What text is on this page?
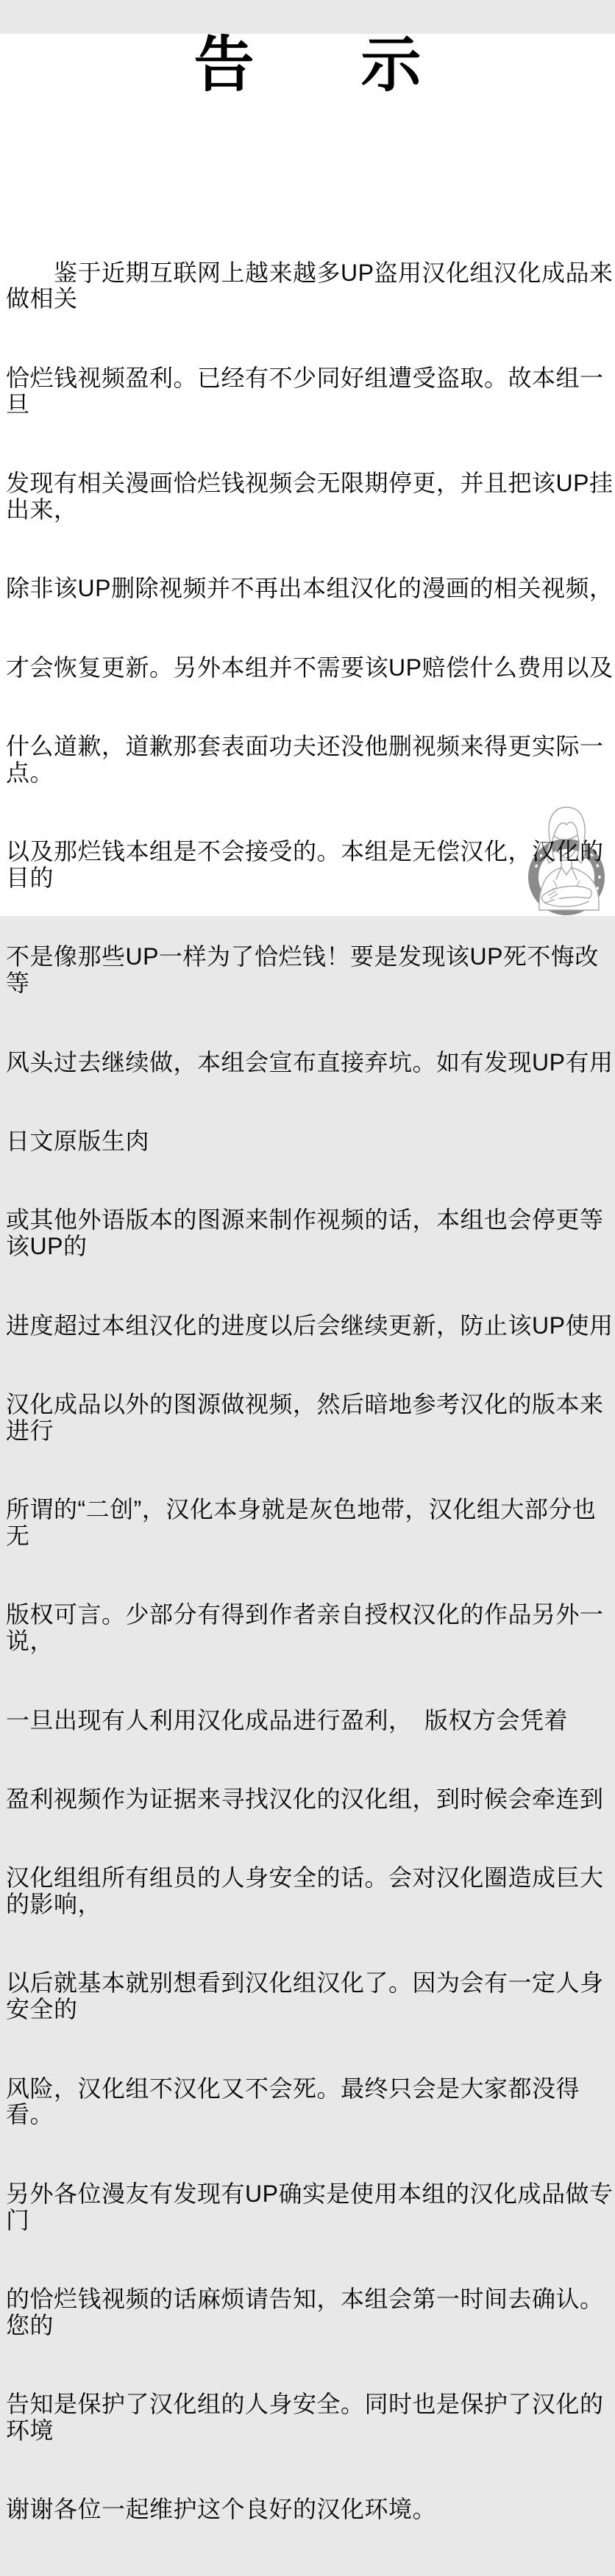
告 示

　　鉴于近期互联网上越来越多UP盗用汉化组汉化成品来做相关

恰烂钱视频盈利。已经有不少同好组遭受盗取。故本组一旦

发现有相关漫画恰烂钱视频会无限期停更，并且把该UP挂出来，

除非该UP删除视频并不再出本组汉化的漫画的相关视频，

才会恢复更新。另外本组并不需要该UP赔偿什么费用以及

什么道歉，道歉那套表面功夫还没他删视频来得更实际一点。

以及那烂钱本组是不会接受的。本组是无偿汉化，汉化的目的

不是像那些UP一样为了恰烂钱！要是发现该UP死不悔改等

风头过去继续做，本组会宣布直接弃坑。如有发现UP有用

日文原版生肉

或其他外语版本的图源来制作视频的话，本组也会停更等该UP的

进度超过本组汉化的进度以后会继续更新，防止该UP使用

汉化成品以外的图源做视频，然后暗地参考汉化的版本来进行

所谓的“二创”，汉化本身就是灰色地带，汉化组大部分也无

版权可言。少部分有得到作者亲自授权汉化的作品另外一说，

一旦出现有人利用汉化成品进行盈利，　版权方会凭着

盈利视频作为证据来寻找汉化的汉化组，到时候会牵连到

汉化组组所有组员的人身安全的话。会对汉化圈造成巨大的影响，

以后就基本就别想看到汉化组汉化了。因为会有一定人身安全的

风险，汉化组不汉化又不会死。最终只会是大家都没得看。

另外各位漫友有发现有UP确实是使用本组的汉化成品做专门

的恰烂钱视频的话麻烦请告知，本组会第一时间去确认。您的

告知是保护了汉化组的人身安全。同时也是保护了汉化的环境

谢谢各位一起维护这个良好的汉化环境。
